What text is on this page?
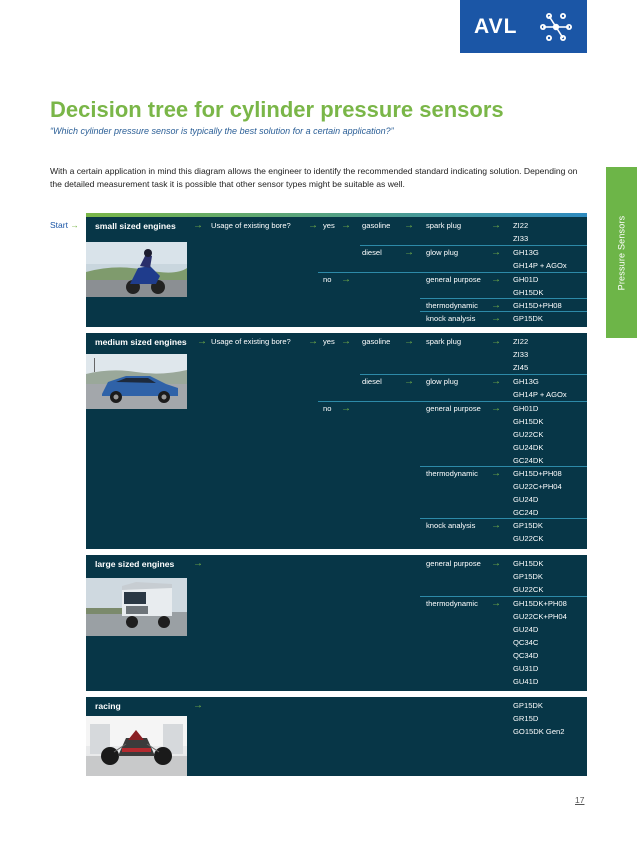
AVL
Decision tree for cylinder pressure sensors
“Which cylinder pressure sensor is typically the best solution for a certain application?”
With a certain application in mind this diagram allows the engineer to identify the recommended standard indicating solution. Depending on the detailed measurement task it is possible that other sensor types might be suitable as well.
Pressure Sensors
Start → small sized engines → Usage of existing bore? → yes → gasoline → spark plug	→ ZI22
ZI33
diesel → glow plug	→ GH13G
GH14P + AGOx
no →	general purpose → GH01D
GH15DK
thermodynamic → GH15D+PH08
knock analysis → GP15DK
medium sized engines → Usage of existing bore? → yes → gasoline → spark plug	→ ZI22
ZI33
ZI45
diesel → glow plug	→ GH13G
GH14P + AGOx
no →	general purpose → GH01D
GH15DK
GU22CK
GU24DK
GC24DK
thermodynamic → GH15D+PH08
GU22C+PH04
GU24D
GC24D
knock analysis → GP15DK
GU22CK
large sized engines →	general purpose → GH15DK
GP15DK
GU22CK
thermodynamic → GH15DK+PH08
GU22CK+PH04
GU24D
QC34C
QC34D
GU31D
GU41D
racing	→	GP15DK
GR15D
GO15DK Gen2
17
